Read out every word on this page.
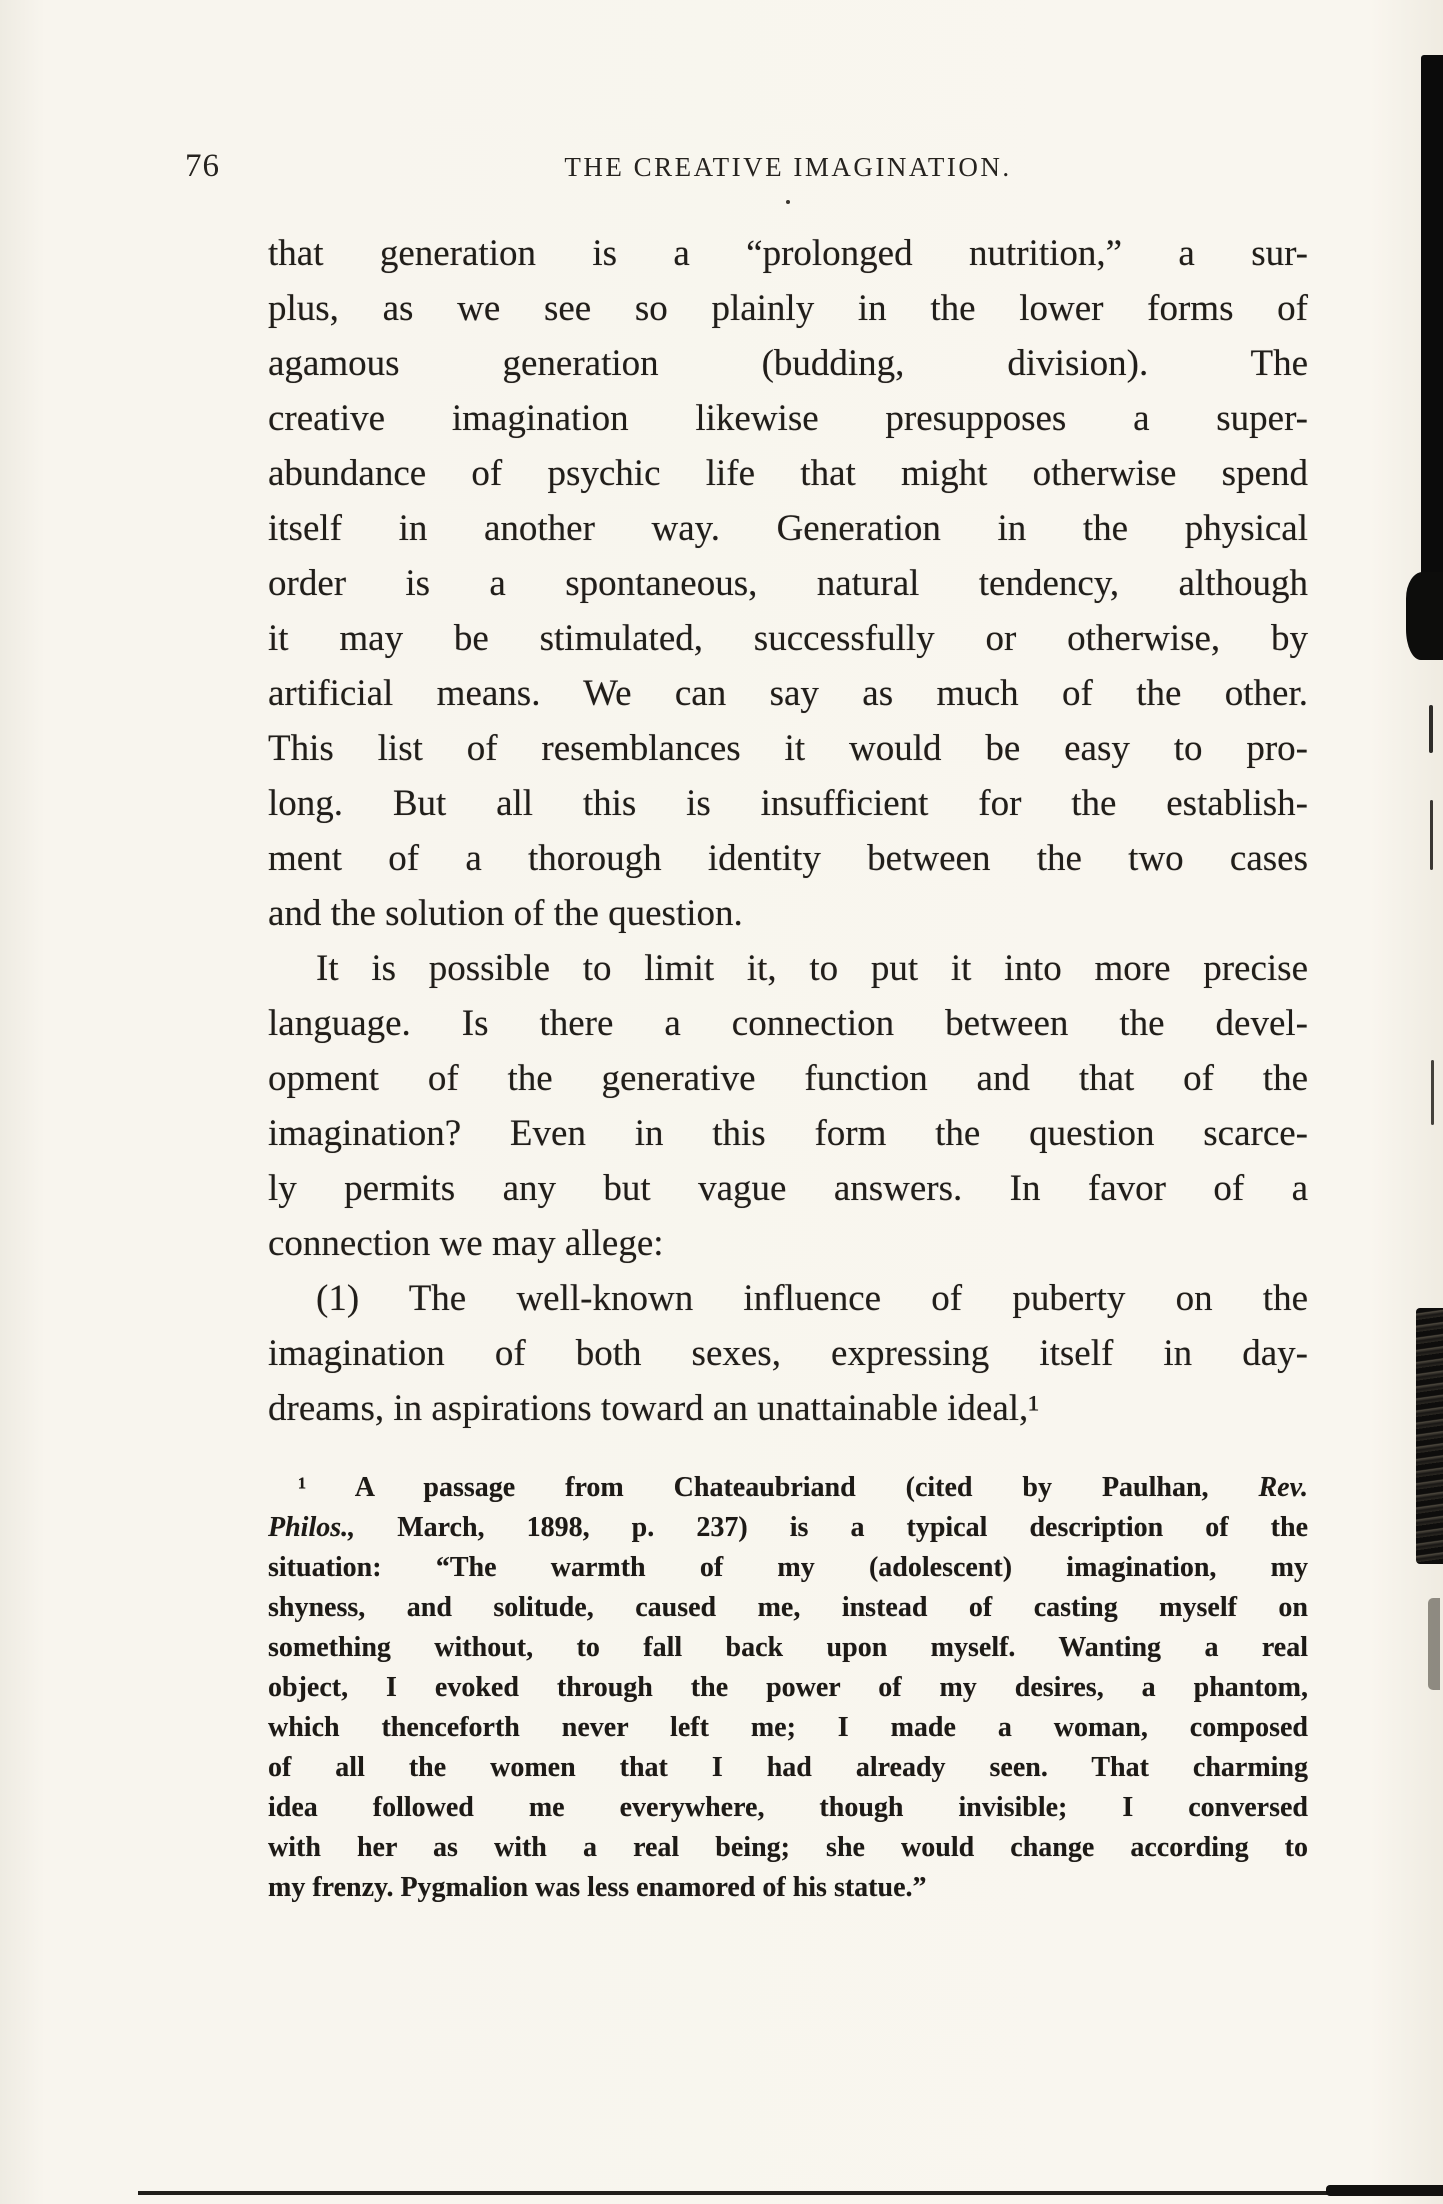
76	THE CREATIVE IMAGINATION.
that generation is a “prolonged nutrition,” a sur-
plus, as we see so plainly in the lower forms of
agamous generation (budding, division). The
creative imagination likewise presupposes a super-
abundance of psychic life that might otherwise spend
itself in another way. Generation in the physical
order is a spontaneous, natural tendency, although
it may be stimulated, successfully or otherwise, by
artificial means. We can say as much of the other.
This list of resemblances it would be easy to pro-
long. But all this is insufficient for the establish-
ment of a thorough identity between the two cases
and the solution of the question.
It is possible to limit it, to put it into more precise
language. Is there a connection between the devel-
opment of the generative function and that of the
imagination? Even in this form the question scarce-
ly permits any but vague answers. In favor of a
connection we may allege:
(1) The well-known influence of puberty on the
imagination of both sexes, expressing itself in day-
dreams, in aspirations toward an unattainable ideal,¹
¹ A passage from Chateaubriand (cited by Paulhan, Rev.
Philos., March, 1898, p. 237) is a typical description of the
situation: “The warmth of my (adolescent) imagination, my
shyness, and solitude, caused me, instead of casting myself on
something without, to fall back upon myself. Wanting a real
object, I evoked through the power of my desires, a phantom,
which thenceforth never left me; I made a woman, composed
of all the women that I had already seen. That charming
idea followed me everywhere, though invisible; I conversed
with her as with a real being; she would change according to
my frenzy. Pygmalion was less enamored of his statue.”
